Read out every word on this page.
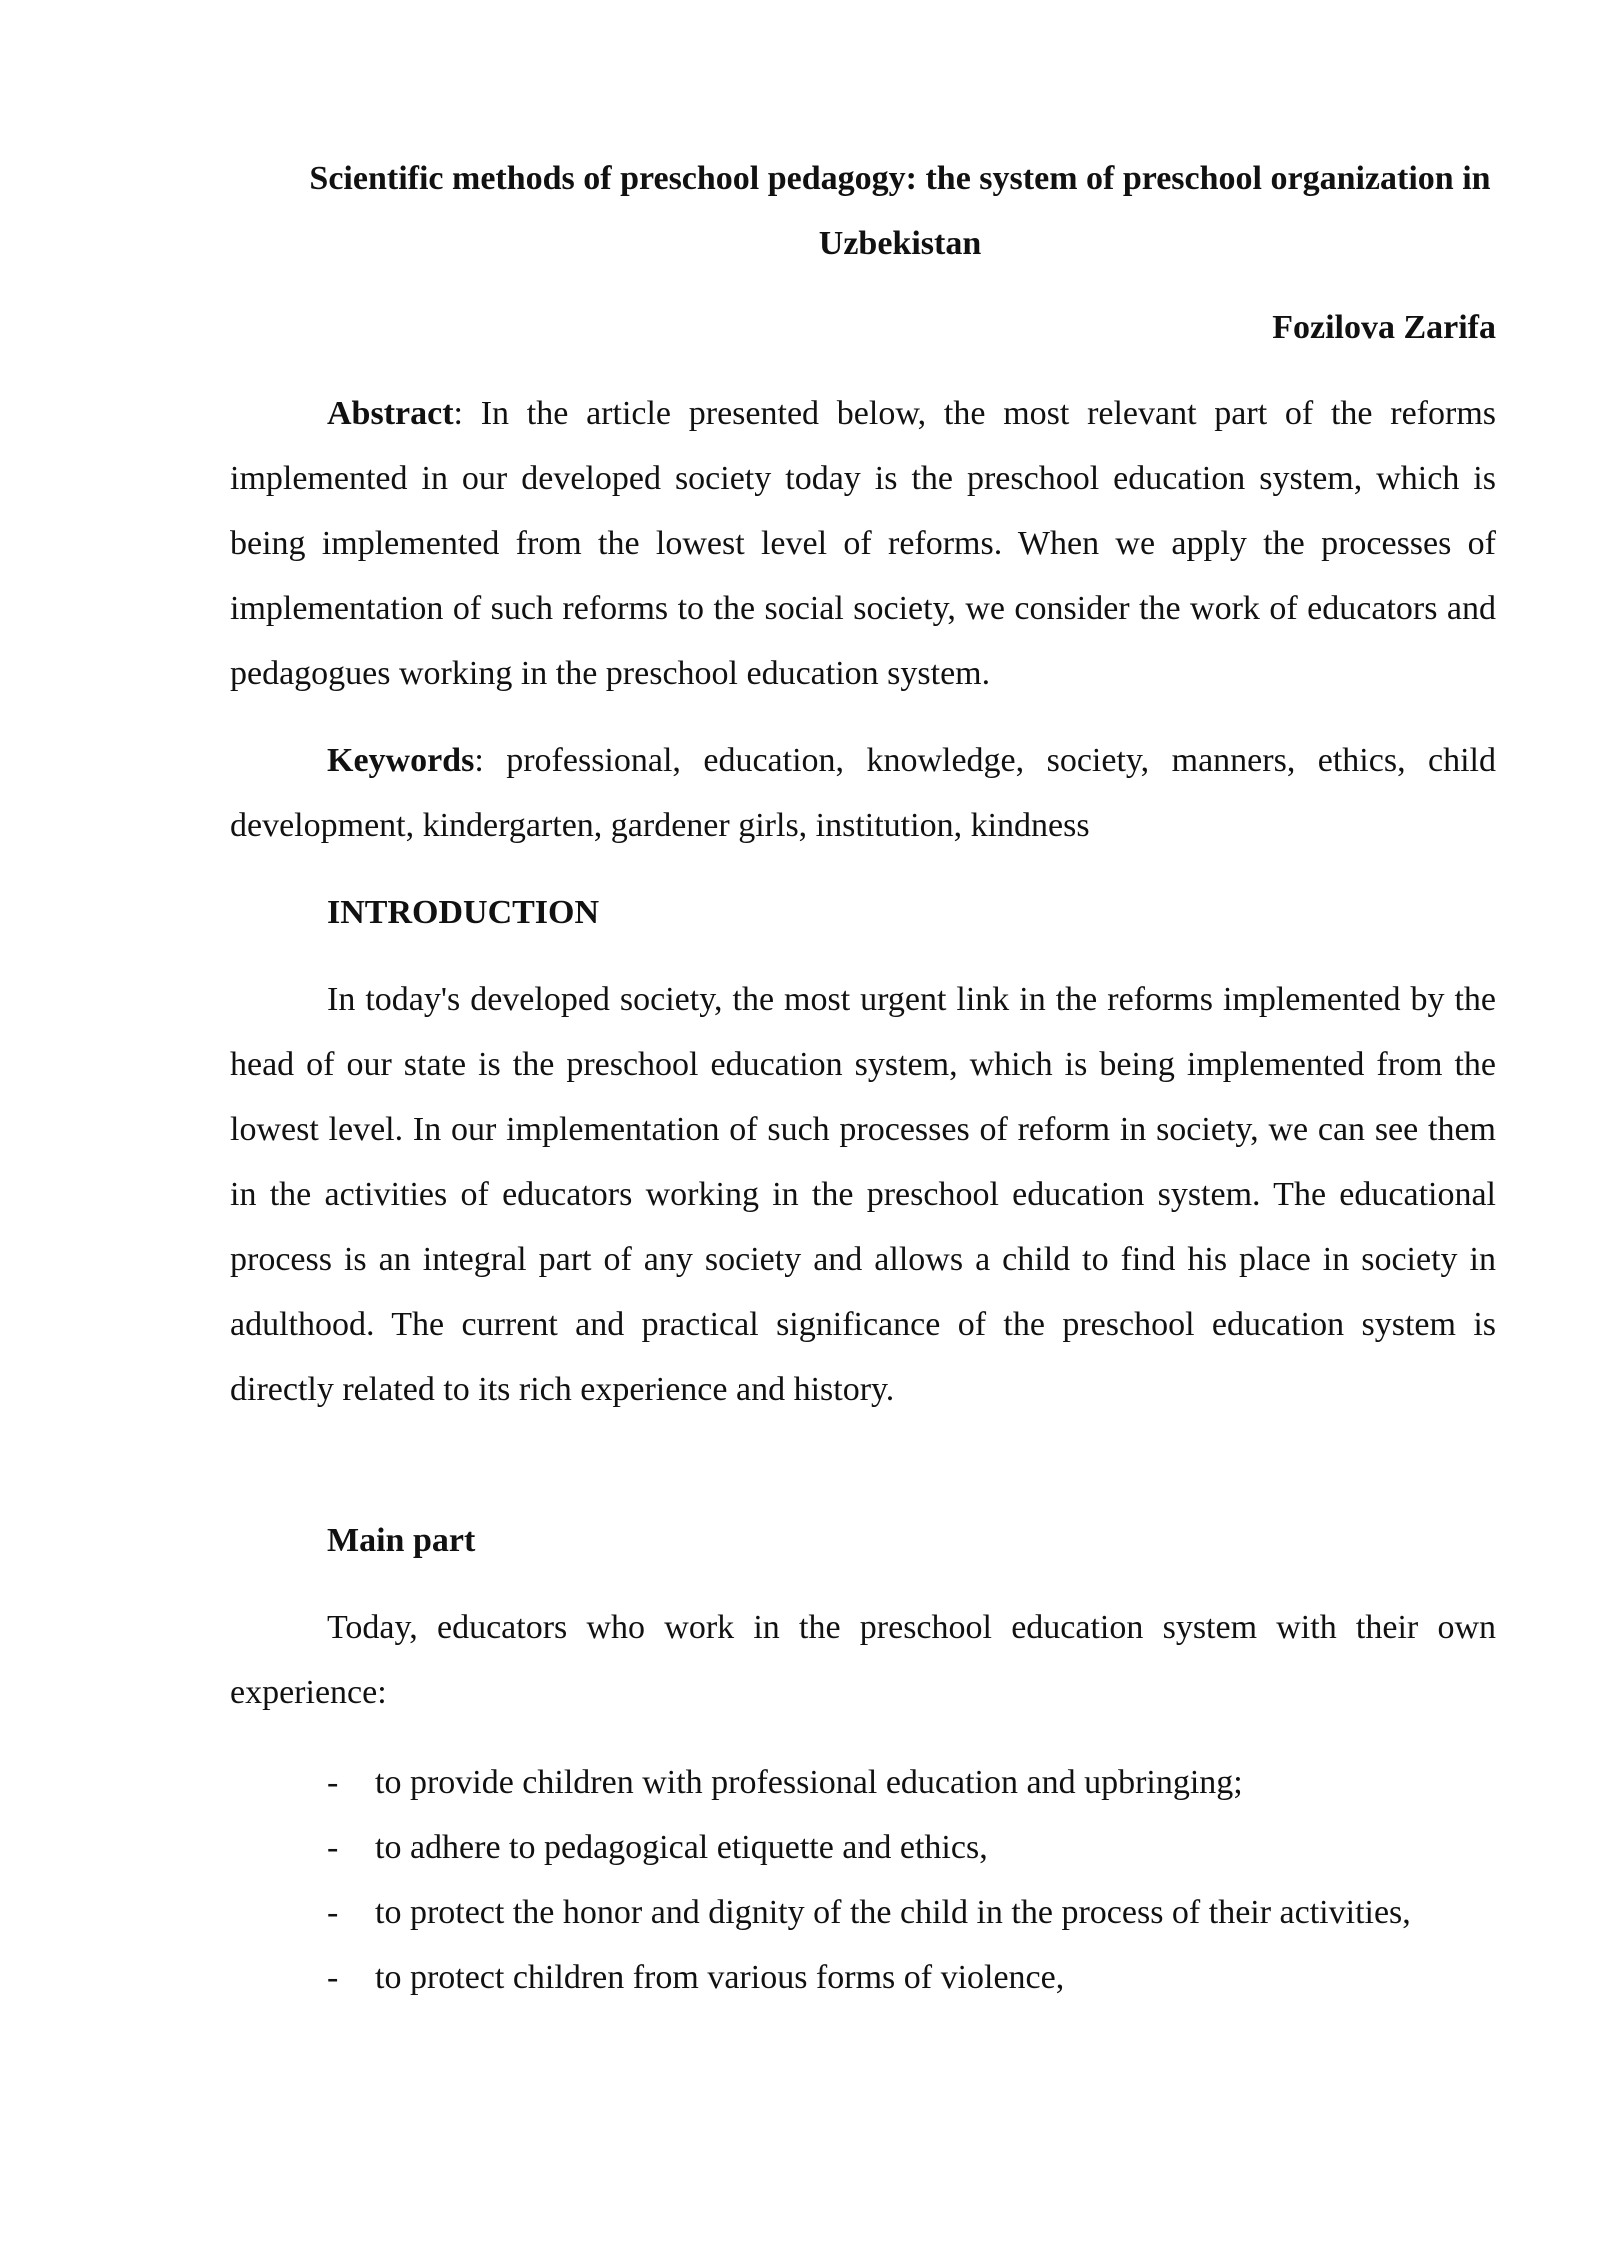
Scientific methods of preschool pedagogy: the system of preschool organization in Uzbekistan

Fozilova Zarifa

Abstract: In the article presented below, the most relevant part of the reforms implemented in our developed society today is the preschool education system, which is being implemented from the lowest level of reforms. When we apply the processes of implementation of such reforms to the social society, we consider the work of educators and pedagogues working in the preschool education system.

Keywords: professional, education, knowledge, society, manners, ethics, child development, kindergarten, gardener girls, institution, kindness

INTRODUCTION

In today's developed society, the most urgent link in the reforms implemented by the head of our state is the preschool education system, which is being implemented from the lowest level. In our implementation of such processes of reform in society, we can see them in the activities of educators working in the preschool education system. The educational process is an integral part of any society and allows a child to find his place in society in adulthood. The current and practical significance of the preschool education system is directly related to its rich experience and history.

Main part

Today, educators who work in the preschool education system with their own experience:

- to provide children with professional education and upbringing;
- to adhere to pedagogical etiquette and ethics,
- to protect the honor and dignity of the child in the process of their activities,
- to protect children from various forms of violence,
